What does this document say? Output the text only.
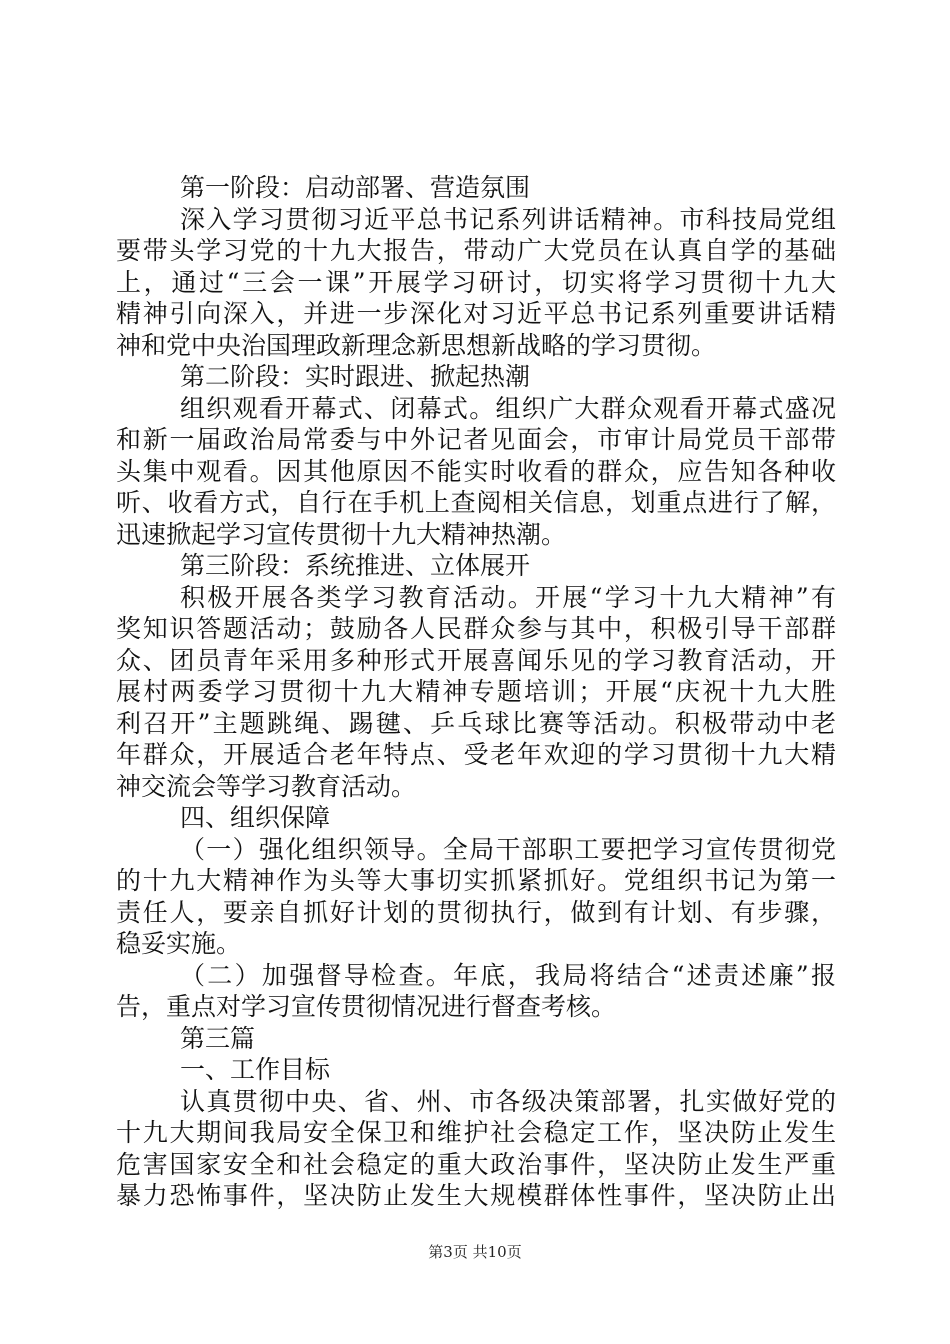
第一阶段：启动部署、营造氛围
深入学习贯彻习近平总书记系列讲话精神。市科技局党组
要带头学习党的十九大报告，带动广大党员在认真自学的基础
上，通过“三会一课”开展学习研讨，切实将学习贯彻十九大
精神引向深入，并进一步深化对习近平总书记系列重要讲话精
神和党中央治国理政新理念新思想新战略的学习贯彻。
第二阶段：实时跟进、掀起热潮
组织观看开幕式、闭幕式。组织广大群众观看开幕式盛况
和新一届政治局常委与中外记者见面会，市审计局党员干部带
头集中观看。因其他原因不能实时收看的群众，应告知各种收
听、收看方式，自行在手机上查阅相关信息，划重点进行了解，
迅速掀起学习宣传贯彻十九大精神热潮。
第三阶段：系统推进、立体展开
积极开展各类学习教育活动。开展“学习十九大精神”有
奖知识答题活动；鼓励各人民群众参与其中，积极引导干部群
众、团员青年采用多种形式开展喜闻乐见的学习教育活动，开
展村两委学习贯彻十九大精神专题培训；开展“庆祝十九大胜
利召开”主题跳绳、踢毽、乒乓球比赛等活动。积极带动中老
年群众，开展适合老年特点、受老年欢迎的学习贯彻十九大精
神交流会等学习教育活动。
四、组织保障
（一）强化组织领导。全局干部职工要把学习宣传贯彻党
的十九大精神作为头等大事切实抓紧抓好。党组织书记为第一
责任人，要亲自抓好计划的贯彻执行，做到有计划、有步骤，
稳妥实施。
（二）加强督导检查。年底，我局将结合“述责述廉”报
告，重点对学习宣传贯彻情况进行督查考核。
第三篇
一、工作目标
认真贯彻中央、省、州、市各级决策部署，扎实做好党的
十九大期间我局安全保卫和维护社会稳定工作，坚决防止发生
危害国家安全和社会稳定的重大政治事件，坚决防止发生严重
暴力恐怖事件，坚决防止发生大规模群体性事件，坚决防止出
第3页 共10页
